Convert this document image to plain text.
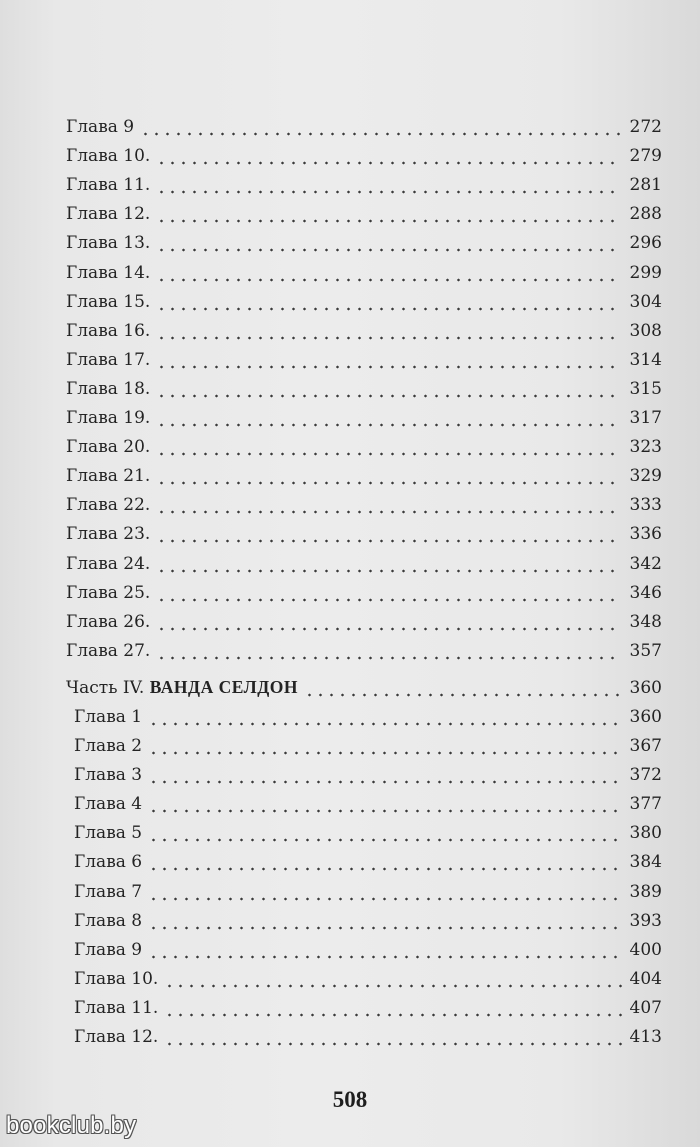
Глава 9	272
Глава 10.	279
Глава 11.	281
Глава 12.	288
Глава 13.	296
Глава 14.	299
Глава 15.	304
Глава 16.	308
Глава 17.	314
Глава 18.	315
Глава 19.	317
Глава 20.	323
Глава 21.	329
Глава 22.	333
Глава 23.	336
Глава 24.	342
Глава 25.	346
Глава 26.	348
Глава 27.	357
Часть IV. ВАНДА СЕЛДОН	360
Глава 1	360
Глава 2	367
Глава 3	372
Глава 4	377
Глава 5	380
Глава 6	384
Глава 7	389
Глава 8	393
Глава 9	400
Глава 10.	404
Глава 11.	407
Глава 12.	413
508
bookclub.by
